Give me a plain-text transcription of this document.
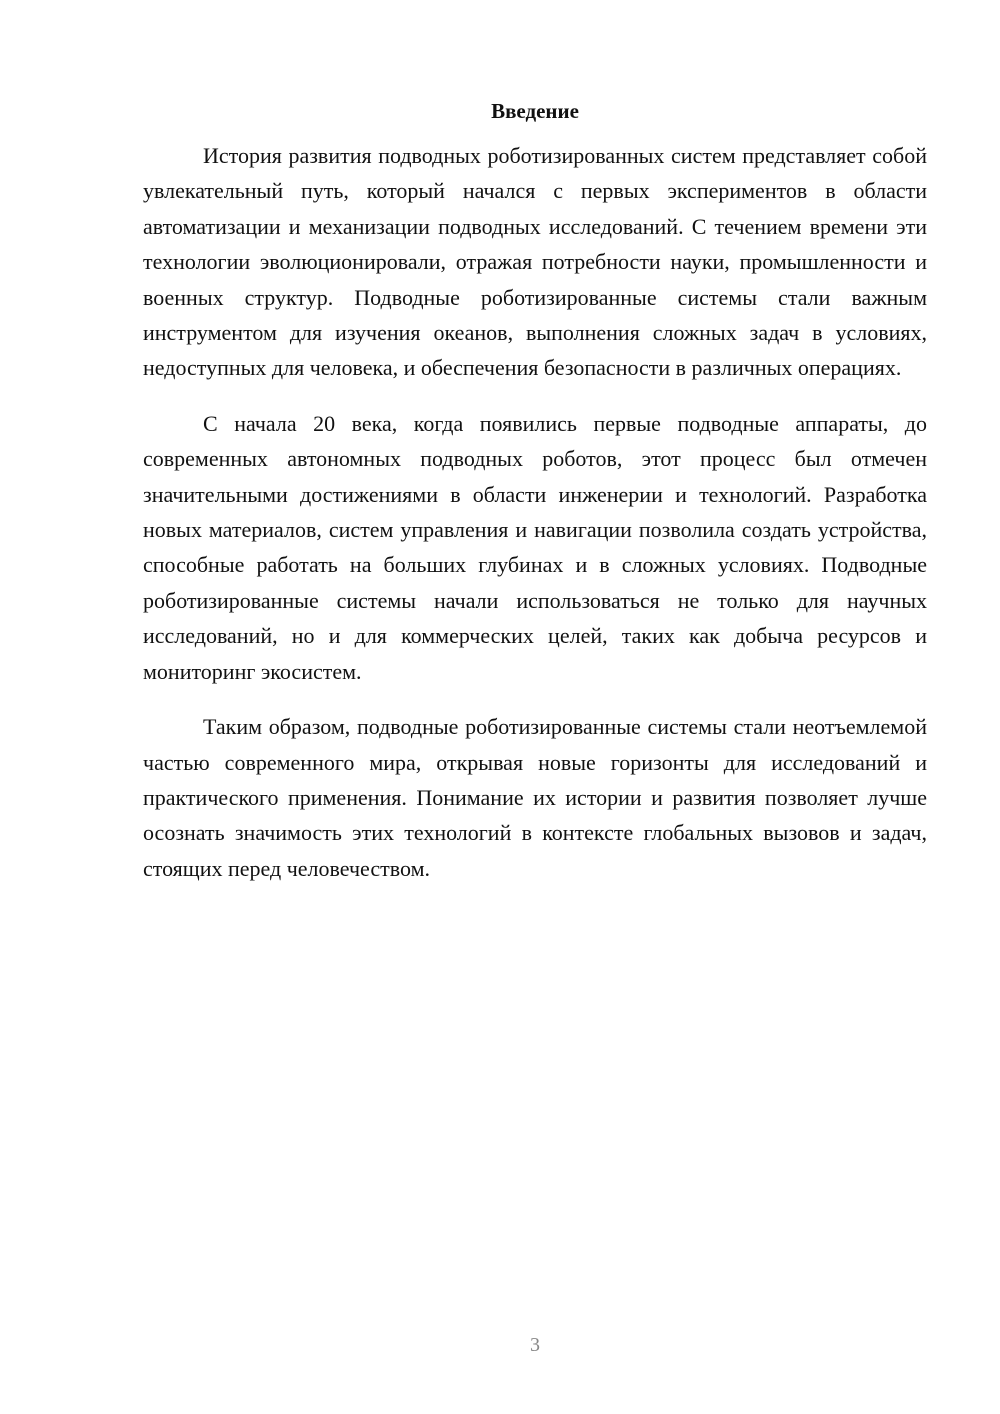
Введение

История развития подводных роботизированных систем представляет собой увлекательный путь, который начался с первых экспериментов в области автоматизации и механизации подводных исследований. С течением времени эти технологии эволюционировали, отражая потребности науки, промышленности и военных структур. Подводные роботизированные системы стали важным инструментом для изучения океанов, выполнения сложных задач в условиях, недоступных для человека, и обеспечения безопасности в различных операциях.

С начала 20 века, когда появились первые подводные аппараты, до современных автономных подводных роботов, этот процесс был отмечен значительными достижениями в области инженерии и технологий. Разработка новых материалов, систем управления и навигации позволила создать устройства, способные работать на больших глубинах и в сложных условиях. Подводные роботизированные системы начали использоваться не только для научных исследований, но и для коммерческих целей, таких как добыча ресурсов и мониторинг экосистем.

Таким образом, подводные роботизированные системы стали неотъемлемой частью современного мира, открывая новые горизонты для исследований и практического применения. Понимание их истории и развития позволяет лучше осознать значимость этих технологий в контексте глобальных вызовов и задач, стоящих перед человечеством.

3
